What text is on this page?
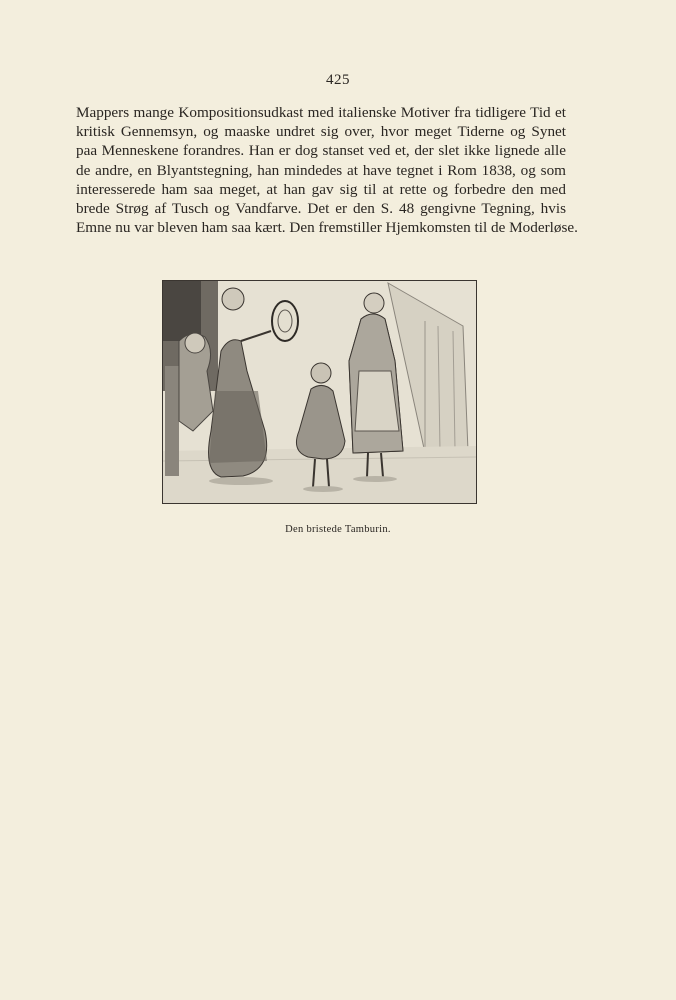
425
Mappers mange Kompositionsudkast med italienske Motiver fra tidligere Tid et
kritisk Gennemsyn, og maaske undret sig over, hvor meget Tiderne og Synet
paa Menneskene forandres. Han er dog stanset ved et, der slet ikke lignede alle
de andre, en Blyantstegning, han mindedes at have tegnet i Rom 1838, og som
interesserede ham saa meget, at han gav sig til at rette og forbedre den med
brede Strøg af Tusch og Vandfarve. Det er den S. 48 gengivne Tegning, hvis
Emne nu var bleven ham saa kært. Den fremstiller Hjemkomsten til de Moderløse.
Den bristede Tamburin.
